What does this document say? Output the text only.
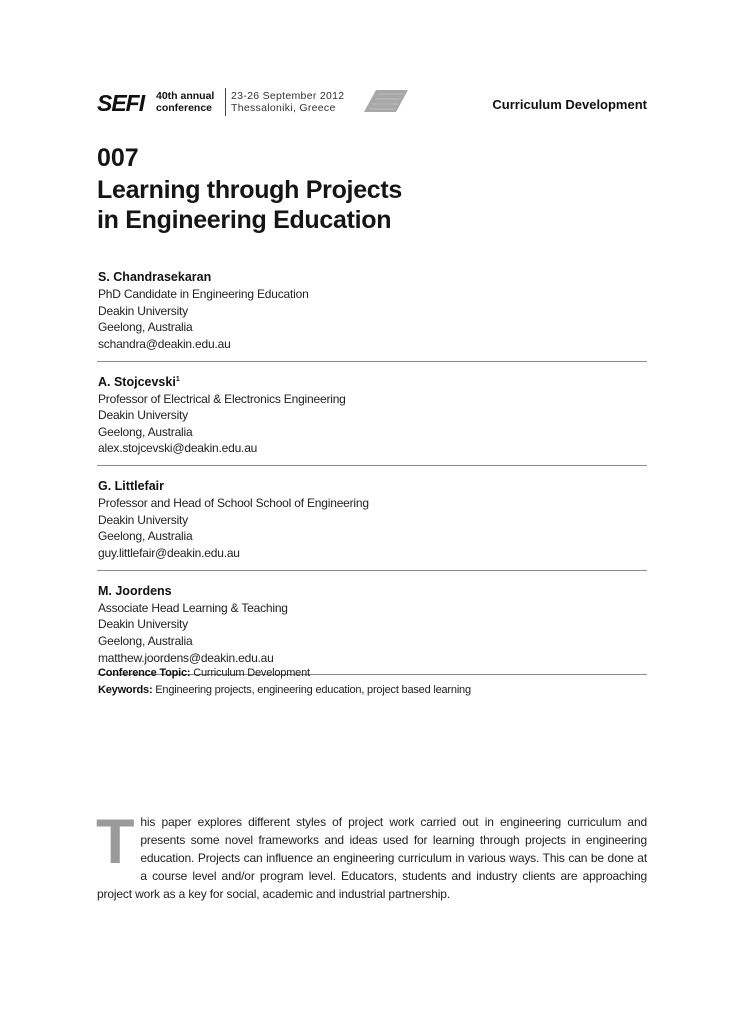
SEFI 40th annual
conference
23-26 September 2012
Thessaloniki, Greece	Curriculum Development
007
Learning through Projects
in Engineering Education
S. Chandrasekaran
PhD Candidate in Engineering Education
Deakin University
Geelong, Australia
schandra@deakin.edu.au
A. Stojcevski$^1$
Professor of Electrical & Electronics Engineering
Deakin University
Geelong, Australia
alex.stojcevski@deakin.edu.au
G. Littlefair
Professor and Head of School School of Engineering
Deakin University
Geelong, Australia
guy.littlefair@deakin.edu.au
M. Joordens
Associate Head Learning & Teaching
Deakin University
Geelong, Australia
matthew.joordens@deakin.edu.au
Conference Topic: Curriculum Development
Keywords: Engineering projects, engineering education, project based learning
This paper explores different styles of project work carried out in engineering curriculum and presents some novel frameworks and ideas used for learning through projects in engineering education. Projects can influence an engineering curriculum in various ways. This can be done at a course level and/or program level. Educators, students and industry clients are approaching project work as a key for social, academic and industrial partnership.
